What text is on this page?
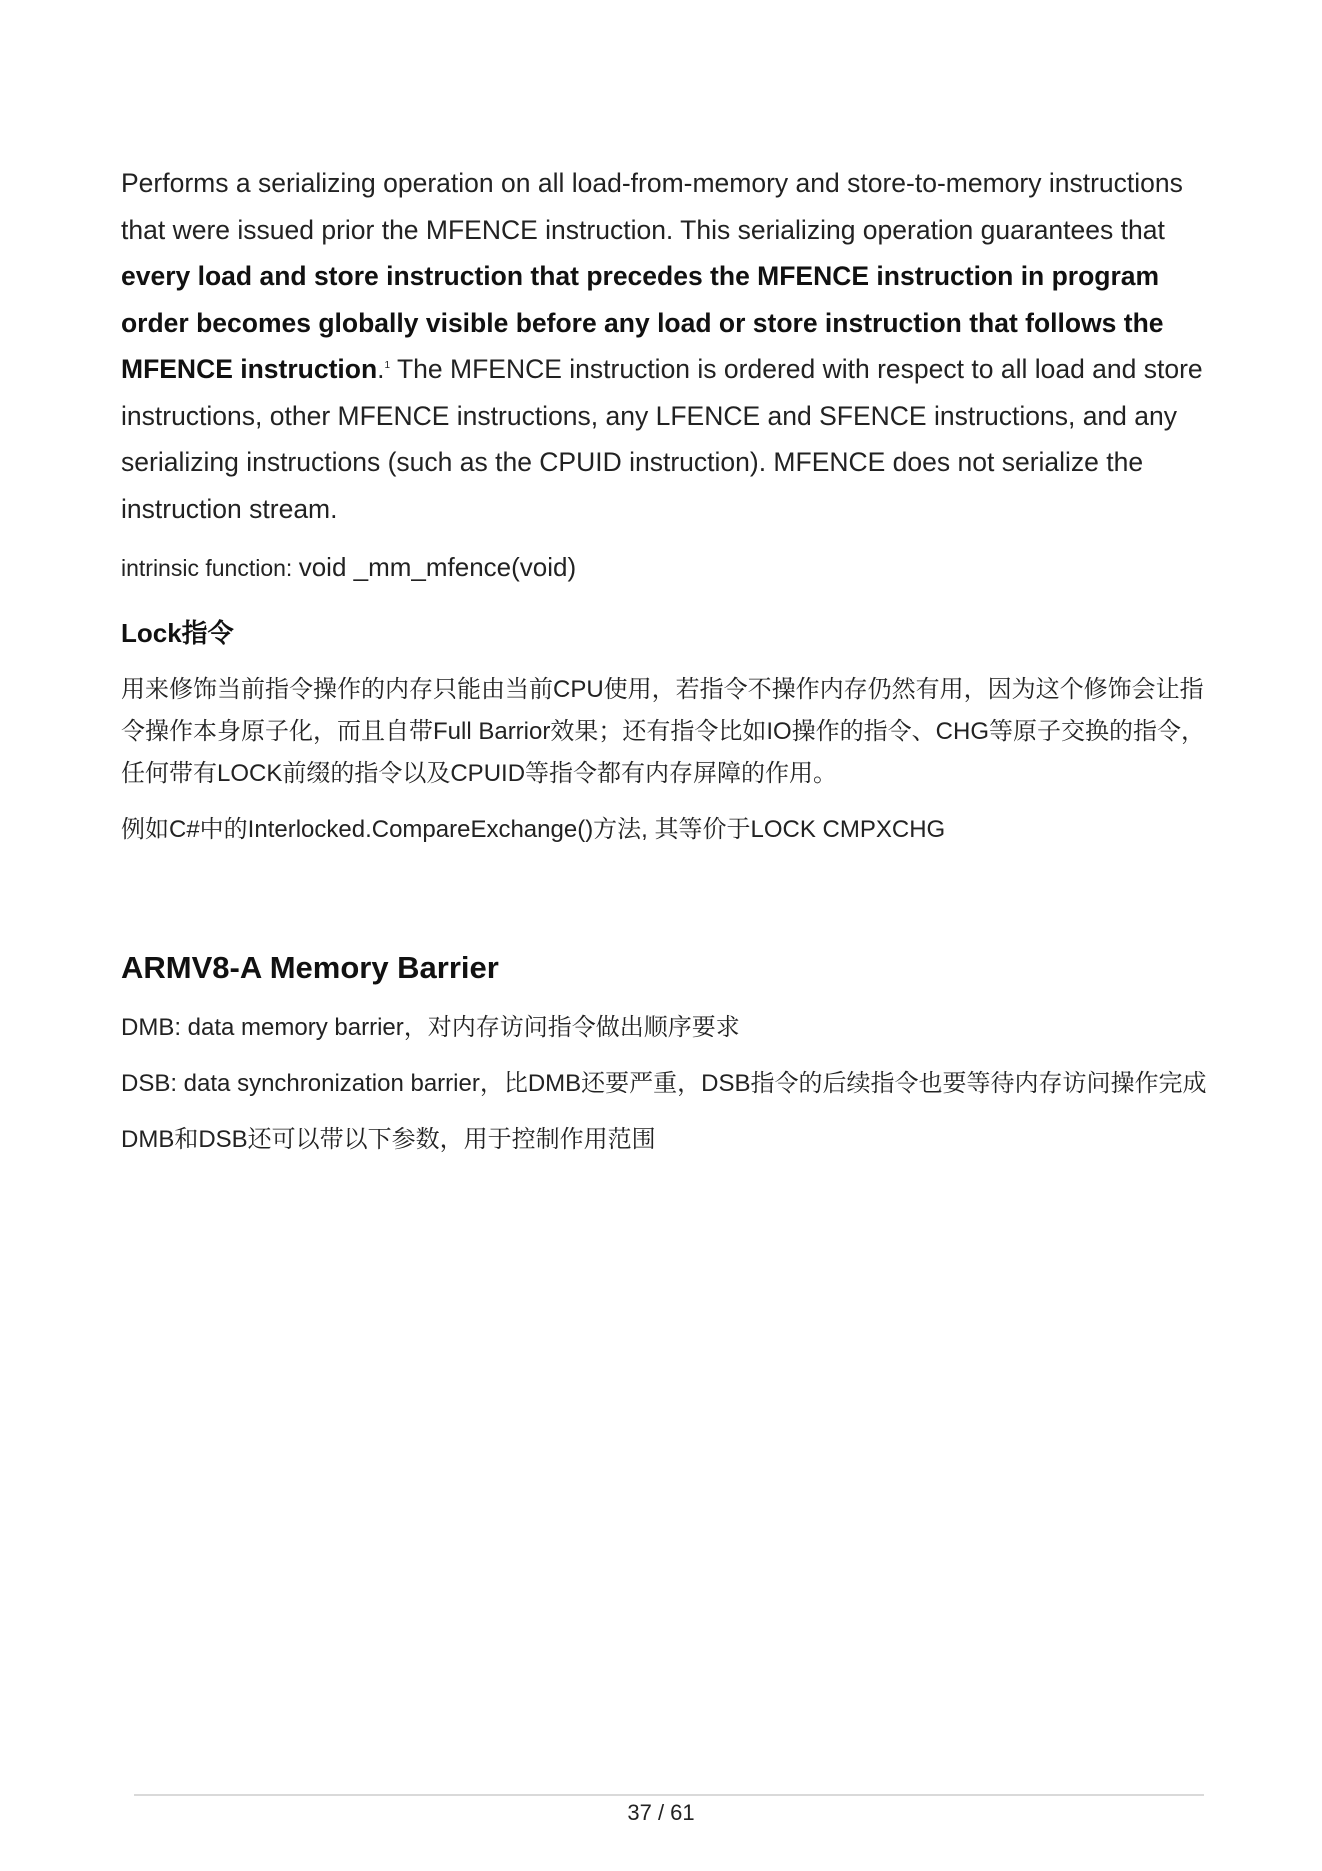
Performs a serializing operation on all load-from-memory and store-to-memory instructions that were issued prior the MFENCE instruction. This serializing operation guarantees that every load and store instruction that precedes the MFENCE instruction in program order becomes globally visible before any load or store instruction that follows the MFENCE instruction.$^1$ The MFENCE instruction is ordered with respect to all load and store instructions, other MFENCE instructions, any LFENCE and SFENCE instructions, and any serializing instructions (such as the CPUID instruction). MFENCE does not serialize the instruction stream.

intrinsic function: void _mm_mfence(void)

Lock指令

用来修饰当前指令操作的内存只能由当前CPU使用，若指令不操作内存仍然有用，因为这个修饰会让指令操作本身原子化，而且自带Full Barrior效果；还有指令比如IO操作的指令、CHG等原子交换的指令，任何带有LOCK前缀的指令以及CPUID等指令都有内存屏障的作用。

例如C#中的Interlocked.CompareExchange()方法, 其等价于LOCK CMPXCHG

ARMV8-A Memory Barrier

DMB: data memory barrier，对内存访问指令做出顺序要求

DSB: data synchronization barrier，比DMB还要严重，DSB指令的后续指令也要等待内存访问操作完成

DMB和DSB还可以带以下参数，用于控制作用范围

37 / 61
